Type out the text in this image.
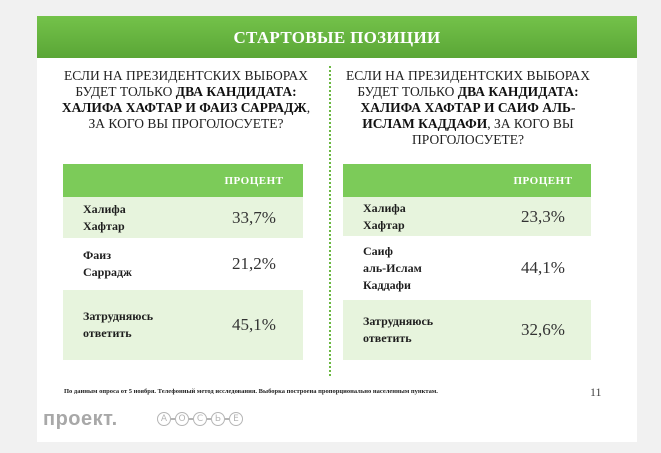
СТАРТОВЫЕ ПОЗИЦИИ
ЕСЛИ НА ПРЕЗИДЕНТСКИХ ВЫБОРАХ БУДЕТ ТОЛЬКО ДВА КАНДИДАТА: ХАЛИФА ХАФТАР И ФАИЗ САРРАДЖ, ЗА КОГО ВЫ ПРОГОЛОСУЕТЕ?
ЕСЛИ НА ПРЕЗИДЕНТСКИХ ВЫБОРАХ БУДЕТ ТОЛЬКО ДВА КАНДИДАТА: ХАЛИФА ХАФТАР И САИФ АЛЬ-ИСЛАМ КАДДАФИ, ЗА КОГО ВЫ ПРОГОЛОСУЕТЕ?
	ПРОЦЕНТ
Халифа
Хафтар	33,7%
Фаиз
Саррадж	21,2%
Затрудняюсь
ответить	45,1%
	ПРОЦЕНТ
Халифа
Хафтар	23,3%
Саиф
аль-Ислам
Каддафи	44,1%
Затрудняюсь
ответить	32,6%
По данным опроса от 5 ноября. Телефонный метод исследования. Выборка построена пропорционально населенным пунктам.	11
проект.	А	О	С	Ь	Е
